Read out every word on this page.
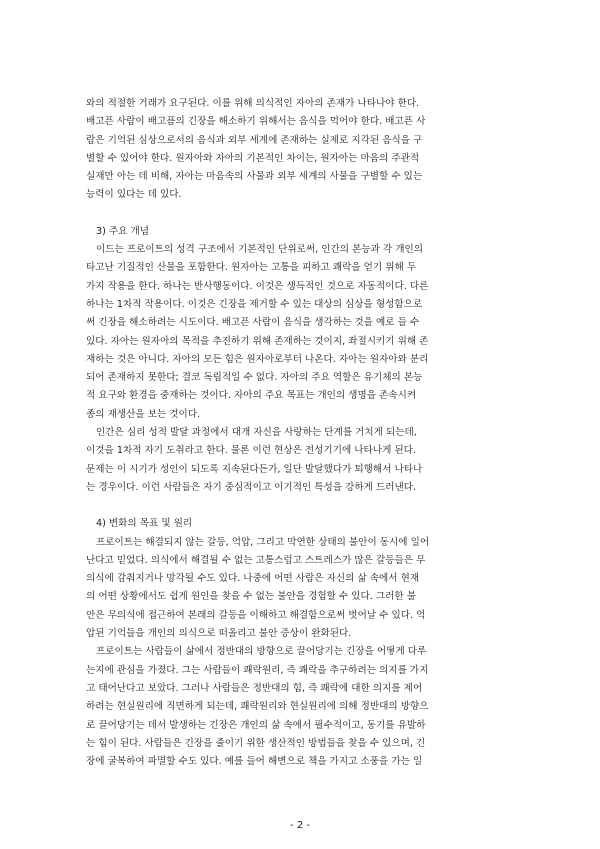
와의 적절한 거래가 요구된다. 이를 위해 의식적인 자아의 존재가 나타나야 한다.
배고픈 사람이 배고픔의 긴장을 해소하기 위해서는 음식을 먹어야 한다. 배고픈 사
람은 기억된 심상으로서의 음식과 외부 세계에 존재하는 실제로 지각된 음식을 구
별할 수 있어야 한다. 원자아와 자아의 기본적인 차이는, 원자아는 마음의 주관적
실재만 아는 데 비해, 자아는 마음속의 사물과 외부 세계의 사물을 구별할 수 있는
능력이 있다는 데 있다.
3) 주요 개념
이드는 프로이트의 성격 구조에서 기본적인 단위로써, 인간의 본능과 각 개인의
타고난 기질적인 산물을 포함한다. 원자아는 고통을 피하고 쾌락을 얻기 위해 두
가지 작용을 한다. 하나는 반사행동이다. 이것은 생득적인 것으로 자동적이다. 다른
하나는 1차적 작용이다. 이것은 긴장을 제거할 수 있는 대상의 심상을 형성함으로
써 긴장을 해소하려는 시도이다. 배고픈 사람이 음식을 생각하는 것을 예로 들 수
있다. 자아는 원자아의 목적을 추진하기 위해 존재하는 것이지, 좌절시키기 위해 존
재하는 것은 아니다. 자아의 모든 힘은 원자아로부터 나온다. 자아는 원자아와 분리
되어 존재하지 못한다; 결코 독립적일 수 없다. 자아의 주요 역할은 유기체의 본능
적 요구와 환경을 중재하는 것이다. 자아의 주요 목표는 개인의 생명을 존속시켜
종의 재생산을 보는 것이다.
인간은 심리 성적 발달 과정에서 대개 자신을 사랑하는 단계를 거치게 되는데,
이것을 1차적 자기 도취라고 한다. 물론 이런 현상은 전성기기에 나타나게 된다.
문제는 이 시기가 성인이 되도록 지속된다든가, 일단 발달했다가 퇴행해서 나타나
는 경우이다. 이런 사람들은 자기 중심적이고 이기적인 특성을 강하게 드러낸다.
4) 변화의 목표 및 원리
프로이트는 해결되지 않는 갈등, 억압, 그리고 막연한 상태의 불안이 동시에 일어
난다고 믿었다. 의식에서 해결될 수 없는 고통스럽고 스트레스가 많은 갈등들은 무
의식에 감춰지거나 망각될 수도 있다. 나중에 어떤 사람은 자신의 삶 속에서 현재
의 어떤 상황에서도 쉽게 원인을 찾을 수 없는 불안을 경험할 수 있다. 그러한 불
안은 무의식에 접근하여 본래의 갈등을 이해하고 해결함으로써 벗어날 수 있다. 억
압된 기억들을 개인의 의식으로 떠올리고 불안 증상이 완화된다.
프로이트는 사람들이 삶에서 정반대의 방향으로 끌어당기는 긴장을 어떻게 다루
는지에 관심을 가졌다. 그는 사람들이 쾌락원리, 즉 쾌락을 추구하려는 의지를 가지
고 태어난다고 보았다. 그러나 사람들은 정반대의 힘, 즉 쾌락에 대한 의지를 제어
하려는 현실원리에 직면하게 되는데, 쾌락원리와 현실원리에 의해 정반대의 방향으
로 끌어당기는 데서 발생하는 긴장은 개인의 삶 속에서 필수적이고, 동기를 유발하
는 힘이 된다. 사람들은 긴장을 줄이기 위한 생산적인 방법들을 찾을 수 있으며, 긴
장에 굴복하여 파멸할 수도 있다. 예를 들어 해변으로 책을 가지고 소풍을 가는 일
- 2 -
